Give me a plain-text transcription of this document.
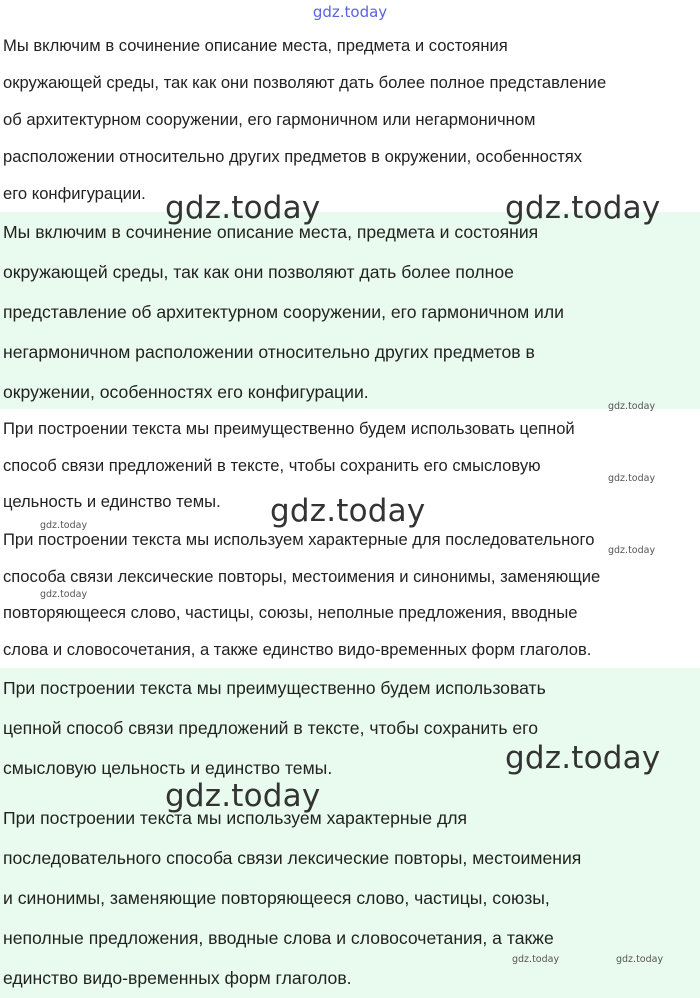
gdz.today

Мы включим в сочинение описание места, предмета и состояния

окружающей среды, так как они позволяют дать более полное представление

об архитектурном сооружении, его гармоничном или негармоничном

расположении относительно других предметов в окружении, особенностях

его конфигурации.

Мы включим в сочинение описание места, предмета и состояния

окружающей среды, так как они позволяют дать более полное

представление об архитектурном сооружении, его гармоничном или

негармоничном расположении относительно других предметов в

окружении, особенностях его конфигурации.

При построении текста мы преимущественно будем использовать цепной

способ связи предложений в тексте, чтобы сохранить его смысловую

цельность и единство темы.

При построении текста мы используем характерные для последовательного

способа связи лексические повторы, местоимения и синонимы, заменяющие

повторяющееся слово, частицы, союзы, неполные предложения, вводные

слова и словосочетания, а также единство видо-временных форм глаголов.

При построении текста мы преимущественно будем использовать

цепной способ связи предложений в тексте, чтобы сохранить его

смысловую цельность и единство темы.

При построении текста мы используем характерные для

последовательного способа связи лексические повторы, местоимения

и синонимы, заменяющие повторяющееся слово, частицы, союзы,

неполные предложения, вводные слова и словосочетания, а также

единство видо-временных форм глаголов.

gdz.today	gdz.today
gdz.today
gdz.today
gdz.today
gdz.today
gdz.today
gdz.today
gdz.today
gdz.today
gdz.today	gdz.today
